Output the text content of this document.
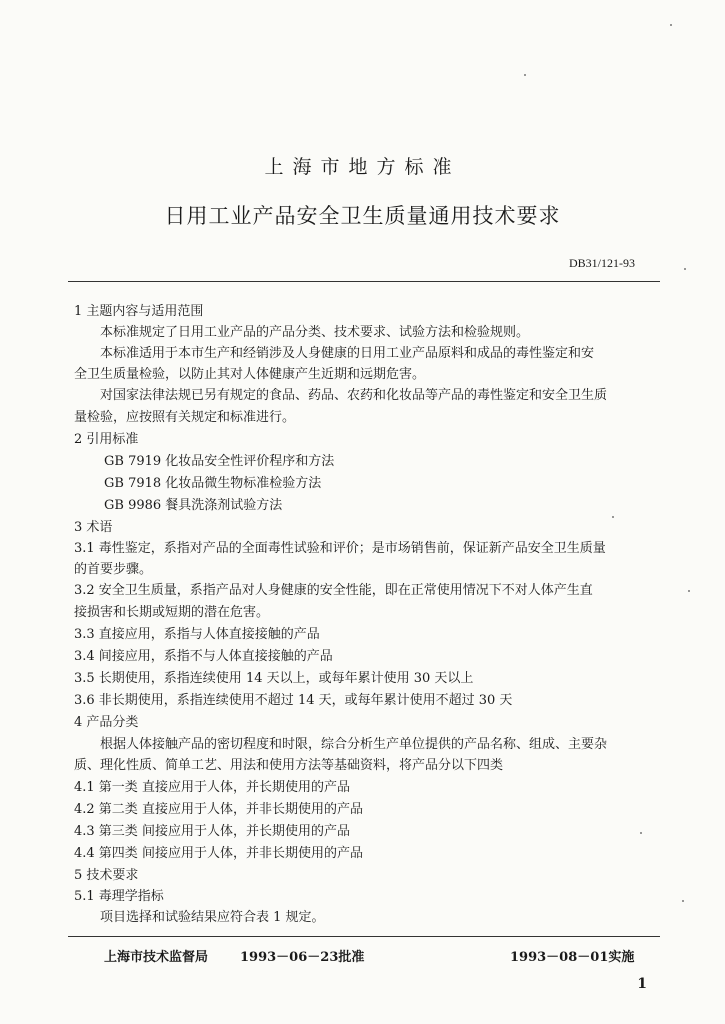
上海市地方标准
日用工业产品安全卫生质量通用技术要求
DB31/121-93
1 主题内容与适用范围
本标准规定了日用工业产品的产品分类、技术要求、试验方法和检验规则。
本标准适用于本市生产和经销涉及人身健康的日用工业产品原料和成品的毒性鉴定和安
全卫生质量检验，以防止其对人体健康产生近期和远期危害。
对国家法律法规已另有规定的食品、药品、农药和化妆品等产品的毒性鉴定和安全卫生质
量检验，应按照有关规定和标准进行。
2 引用标准
GB 7919 化妆品安全性评价程序和方法
GB 7918 化妆品微生物标准检验方法
GB 9986 餐具洗涤剂试验方法
3 术语
3.1 毒性鉴定，系指对产品的全面毒性试验和评价；是市场销售前，保证新产品安全卫生质量
的首要步骤。
3.2 安全卫生质量，系指产品对人身健康的安全性能，即在正常使用情况下不对人体产生直
接损害和长期或短期的潜在危害。
3.3 直接应用，系指与人体直接接触的产品
3.4 间接应用，系指不与人体直接接触的产品
3.5 长期使用，系指连续使用 14 天以上，或每年累计使用 30 天以上
3.6 非长期使用，系指连续使用不超过 14 天，或每年累计使用不超过 30 天
4 产品分类
根据人体接触产品的密切程度和时限，综合分析生产单位提供的产品名称、组成、主要杂
质、理化性质、简单工艺、用法和使用方法等基础资料，将产品分以下四类
4.1 第一类 直接应用于人体，并长期使用的产品
4.2 第二类 直接应用于人体，并非长期使用的产品
4.3 第三类 间接应用于人体，并长期使用的产品
4.4 第四类 间接应用于人体，并非长期使用的产品
5 技术要求
5.1 毒理学指标
项目选择和试验结果应符合表 1 规定。
上海市技术监督局 1993－06－23批准	1993－08－01实施
1
